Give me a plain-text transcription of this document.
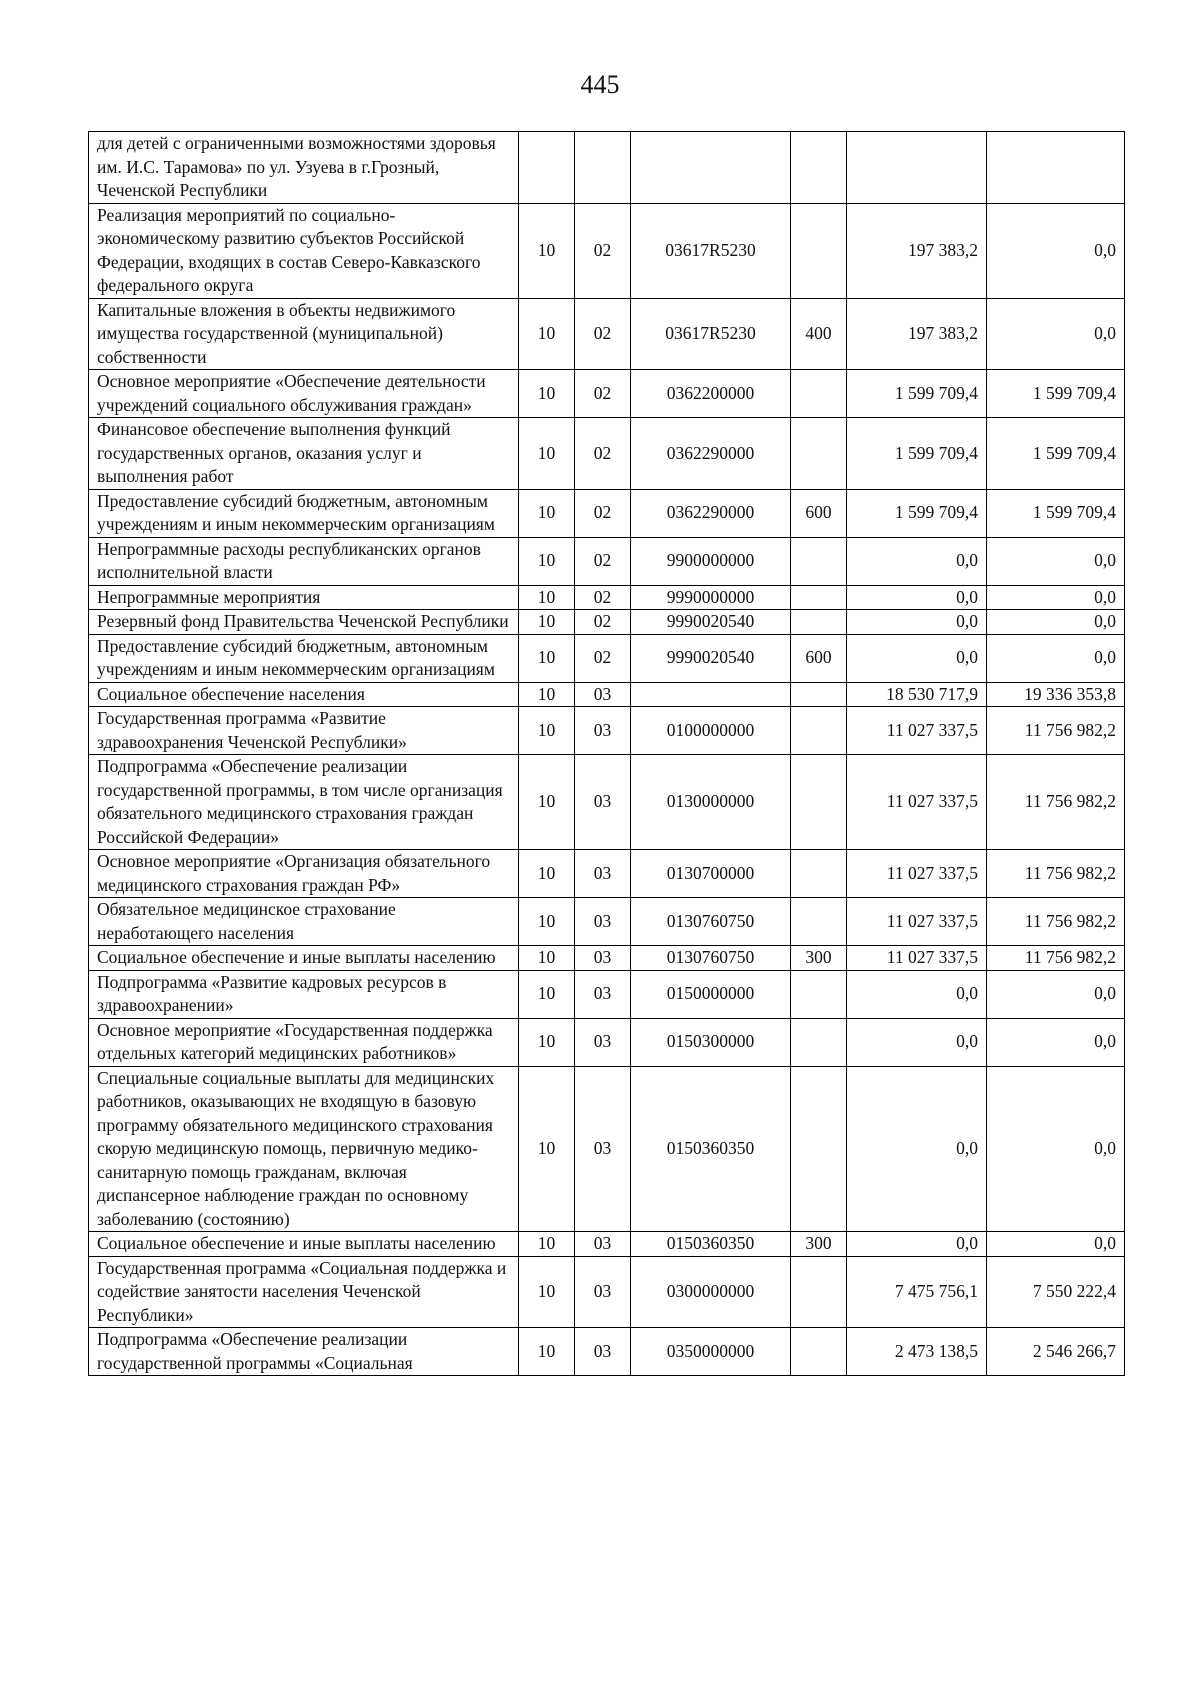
445
для детей с ограниченными возможностями здоровья им. И.С. Тарамова» по ул. Узуева в г.Грозный, Чеченской Республики						
Реализация мероприятий по социально-экономическому развитию субъектов Российской Федерации, входящих в состав Северо-Кавказского федерального округа	10	02	03617R5230		197 383,2	0,0
Капитальные вложения в объекты недвижимого имущества государственной (муниципальной) собственности	10	02	03617R5230	400	197 383,2	0,0
Основное мероприятие «Обеспечение деятельности учреждений социального обслуживания граждан»	10	02	0362200000		1 599 709,4	1 599 709,4
Финансовое обеспечение выполнения функций государственных органов, оказания услуг и выполнения работ	10	02	0362290000		1 599 709,4	1 599 709,4
Предоставление субсидий бюджетным, автономным учреждениям и иным некоммерческим организациям	10	02	0362290000	600	1 599 709,4	1 599 709,4
Непрограммные расходы республиканских органов исполнительной власти	10	02	9900000000		0,0	0,0
Непрограммные мероприятия	10	02	9990000000		0,0	0,0
Резервный фонд Правительства Чеченской Республики	10	02	9990020540		0,0	0,0
Предоставление субсидий бюджетным, автономным учреждениям и иным некоммерческим организациям	10	02	9990020540	600	0,0	0,0
Социальное обеспечение населения	10	03			18 530 717,9	19 336 353,8
Государственная программа «Развитие здравоохранения Чеченской Республики»	10	03	0100000000		11 027 337,5	11 756 982,2
Подпрограмма «Обеспечение реализации государственной программы, в том числе организация обязательного медицинского страхования граждан Российской Федерации»	10	03	0130000000		11 027 337,5	11 756 982,2
Основное мероприятие «Организация обязательного медицинского страхования граждан РФ»	10	03	0130700000		11 027 337,5	11 756 982,2
Обязательное медицинское страхование неработающего населения	10	03	0130760750		11 027 337,5	11 756 982,2
Социальное обеспечение и иные выплаты населению	10	03	0130760750	300	11 027 337,5	11 756 982,2
Подпрограмма «Развитие кадровых ресурсов в здравоохранении»	10	03	0150000000		0,0	0,0
Основное мероприятие «Государственная поддержка отдельных категорий медицинских работников»	10	03	0150300000		0,0	0,0
Специальные социальные выплаты для медицинских работников, оказывающих не входящую в базовую программу обязательного медицинского страхования скорую медицинскую помощь, первичную медико-санитарную помощь гражданам, включая диспансерное наблюдение граждан по основному заболеванию (состоянию)	10	03	0150360350		0,0	0,0
Социальное обеспечение и иные выплаты населению	10	03	0150360350	300	0,0	0,0
Государственная программа «Социальная поддержка и содействие занятости населения Чеченской Республики»	10	03	0300000000		7 475 756,1	7 550 222,4
Подпрограмма «Обеспечение реализации государственной программы «Социальная	10	03	0350000000		2 473 138,5	2 546 266,7
